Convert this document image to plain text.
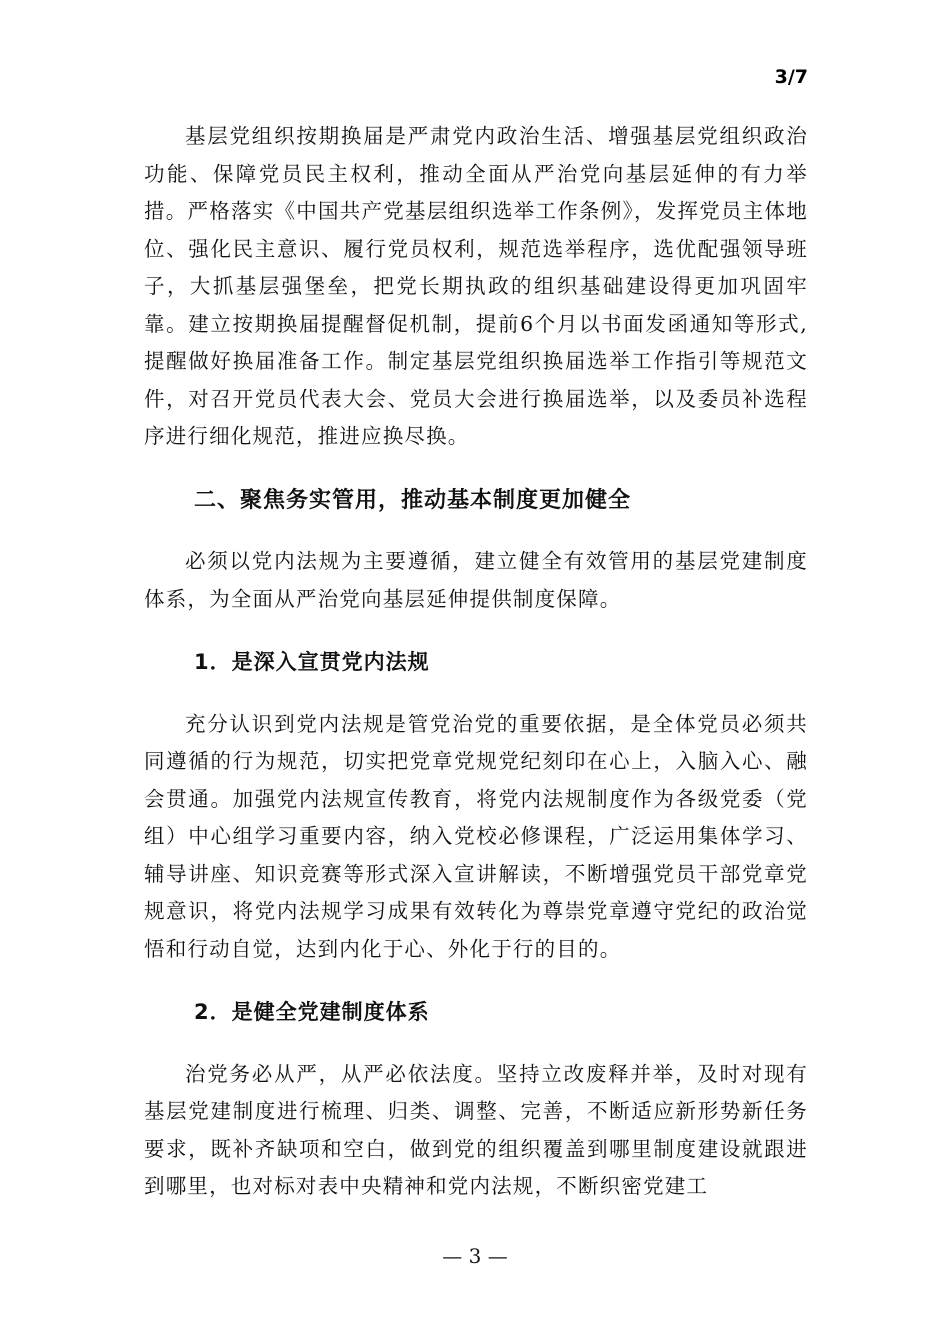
3/7

基层党组织按期换届是严肃党内政治生活、增强基层党组织政治功能、保障党员民主权利，推动全面从严治党向基层延伸的有力举措。严格落实《中国共产党基层组织选举工作条例》，发挥党员主体地位、强化民主意识、履行党员权利，规范选举程序，选优配强领导班子，大抓基层强堡垒，把党长期执政的组织基础建设得更加巩固牢靠。建立按期换届提醒督促机制，提前6个月以书面发函通知等形式,提醒做好换届准备工作。制定基层党组织换届选举工作指引等规范文件，对召开党员代表大会、党员大会进行换届选举，以及委员补选程序进行细化规范，推进应换尽换。

二、聚焦务实管用，推动基本制度更加健全

必须以党内法规为主要遵循，建立健全有效管用的基层党建制度体系，为全面从严治党向基层延伸提供制度保障。

1．是深入宣贯党内法规

充分认识到党内法规是管党治党的重要依据，是全体党员必须共同遵循的行为规范，切实把党章党规党纪刻印在心上，入脑入心、融会贯通。加强党内法规宣传教育，将党内法规制度作为各级党委（党组）中心组学习重要内容，纳入党校必修课程，广泛运用集体学习、辅导讲座、知识竞赛等形式深入宣讲解读，不断增强党员干部党章党规意识，将党内法规学习成果有效转化为尊崇党章遵守党纪的政治觉悟和行动自觉，达到内化于心、外化于行的目的。

2．是健全党建制度体系

治党务必从严，从严必依法度。坚持立改废释并举，及时对现有基层党建制度进行梳理、归类、调整、完善，不断适应新形势新任务要求，既补齐缺项和空白，做到党的组织覆盖到哪里制度建设就跟进到哪里，也对标对表中央精神和党内法规，不断织密党建工

— 3 —
